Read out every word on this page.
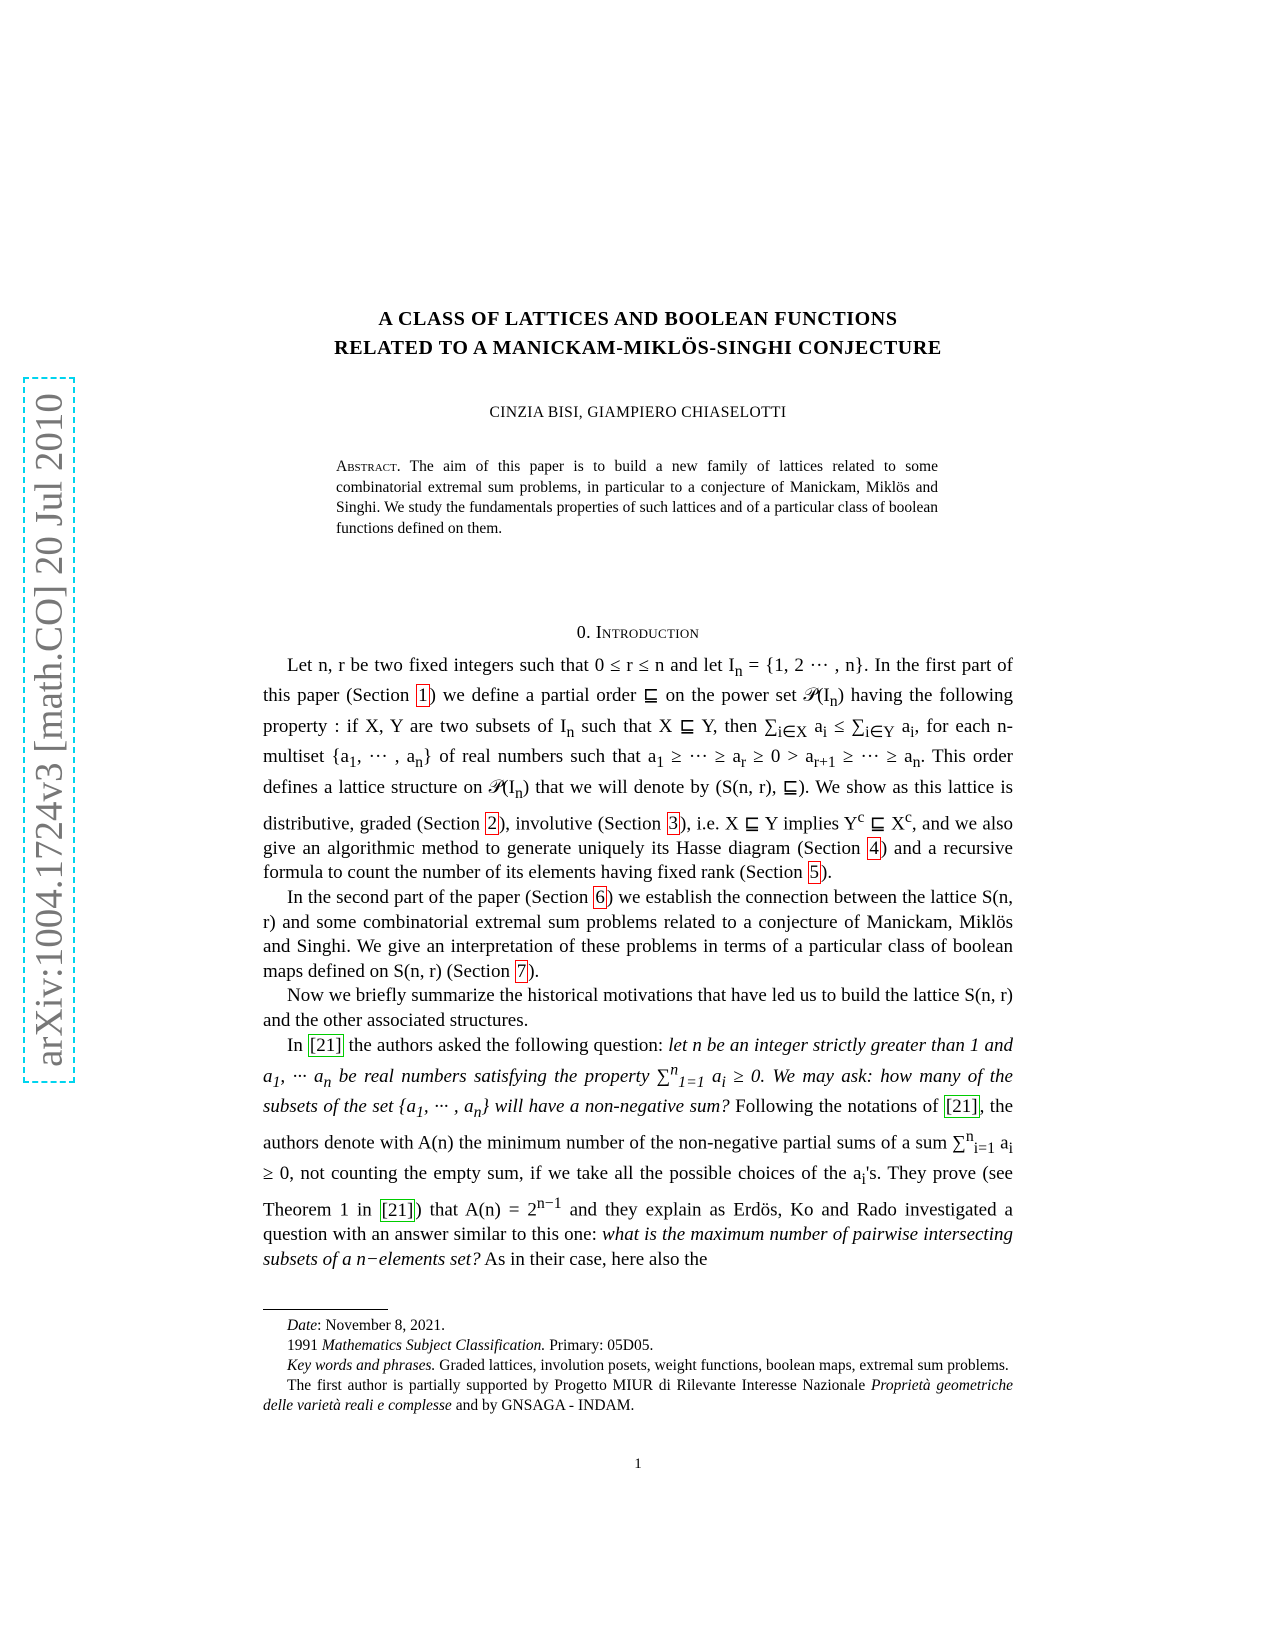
arXiv:1004.1724v3 [math.CO] 20 Jul 2010
A CLASS OF LATTICES AND BOOLEAN FUNCTIONS
RELATED TO A MANICKAM-MIKLÖS-SINGHI CONJECTURE
CINZIA BISI, GIAMPIERO CHIASELOTTI
Abstract. The aim of this paper is to build a new family of lattices related to some combinatorial extremal sum problems, in particular to a conjecture of Manickam, Miklös and Singhi. We study the fundamentals properties of such lattices and of a particular class of boolean functions defined on them.
0. Introduction

Let n, r be two fixed integers such that 0 ≤ r ≤ n and let $I_n = \{1$, 2 ··· , n}. In the first part of this paper (Section 1 ) we define a partial order ⊑ on the power set $𝒫(I_n)$ having the following property : if X, Y are two subsets of $I_n$ such that X ⊑ Y, then $\sum_{i\in X}$ $a_i \le \sum_{i\in Y}$ $a_i$, for each n-multiset {$a_1$, ··· , $a_n$} of real numbers such that $a_1$ ≥ ··· ≥ $a_r \ge 0 > a_{r+1}$ ≥ ··· ≥ $a_n$. This order defines a lattice structure on $𝒫(I_n)$ that we will denote by (S(n, r), ⊑). We show as this lattice is distributive, graded (Section 2 ), involutive (Section 3 ), i.e. X ⊑ Y implies $Y^c$ ⊑ $X^c$, and we also give an algorithmic method to generate uniquely its Hasse diagram (Section 4 ) and a recursive formula to count the number of its elements having fixed rank (Section 5 ).

In the second part of the paper (Section 6 ) we establish the connection between the lattice S(n, r) and some combinatorial extremal sum problems related to a conjecture of Manickam, Miklös and Singhi. We give an interpretation of these problems in terms of a particular class of boolean maps defined on S(n, r) (Section 7 ).

Now we briefly summarize the historical motivations that have led us to build the lattice S(n, r) and the other associated structures.

In [21] the authors asked the following question: let n be an integer strictly greater than 1 and $a_1$, ··· $a_n$ be real numbers satisfying the property ∑$^n_{1=1}$ $a_i \ge 0$. We may ask: how many of the subsets of the set {$a_1$, ··· , $a_n$} will have a non-negative sum? Following the notations of [21] , the authors denote with A(n) the minimum number of the non-negative partial sums of a sum ∑$^n_{i=1}$ $a_i \ge 0$, not counting the empty sum, if we take all the possible choices of the $a_i's$. They prove (see Theorem 1 in [21] ) that $A(n) = 2^{n-1}$ and they explain as Erdös, Ko and Rado investigated a question with an answer similar to this one: what is the maximum number of pairwise intersecting subsets of a n−elements set? As in their case, here also the

Date: November 8, 2021.

1991 Mathematics Subject Classification. Primary: 05D05.

Key words and phrases. Graded lattices, involution posets, weight functions, boolean maps, extremal sum problems.

The first author is partially supported by Progetto MIUR di Rilevante Interesse Nazionale Proprietà geometriche delle varietà reali e complesse and by GNSAGA - INDAM.

1
